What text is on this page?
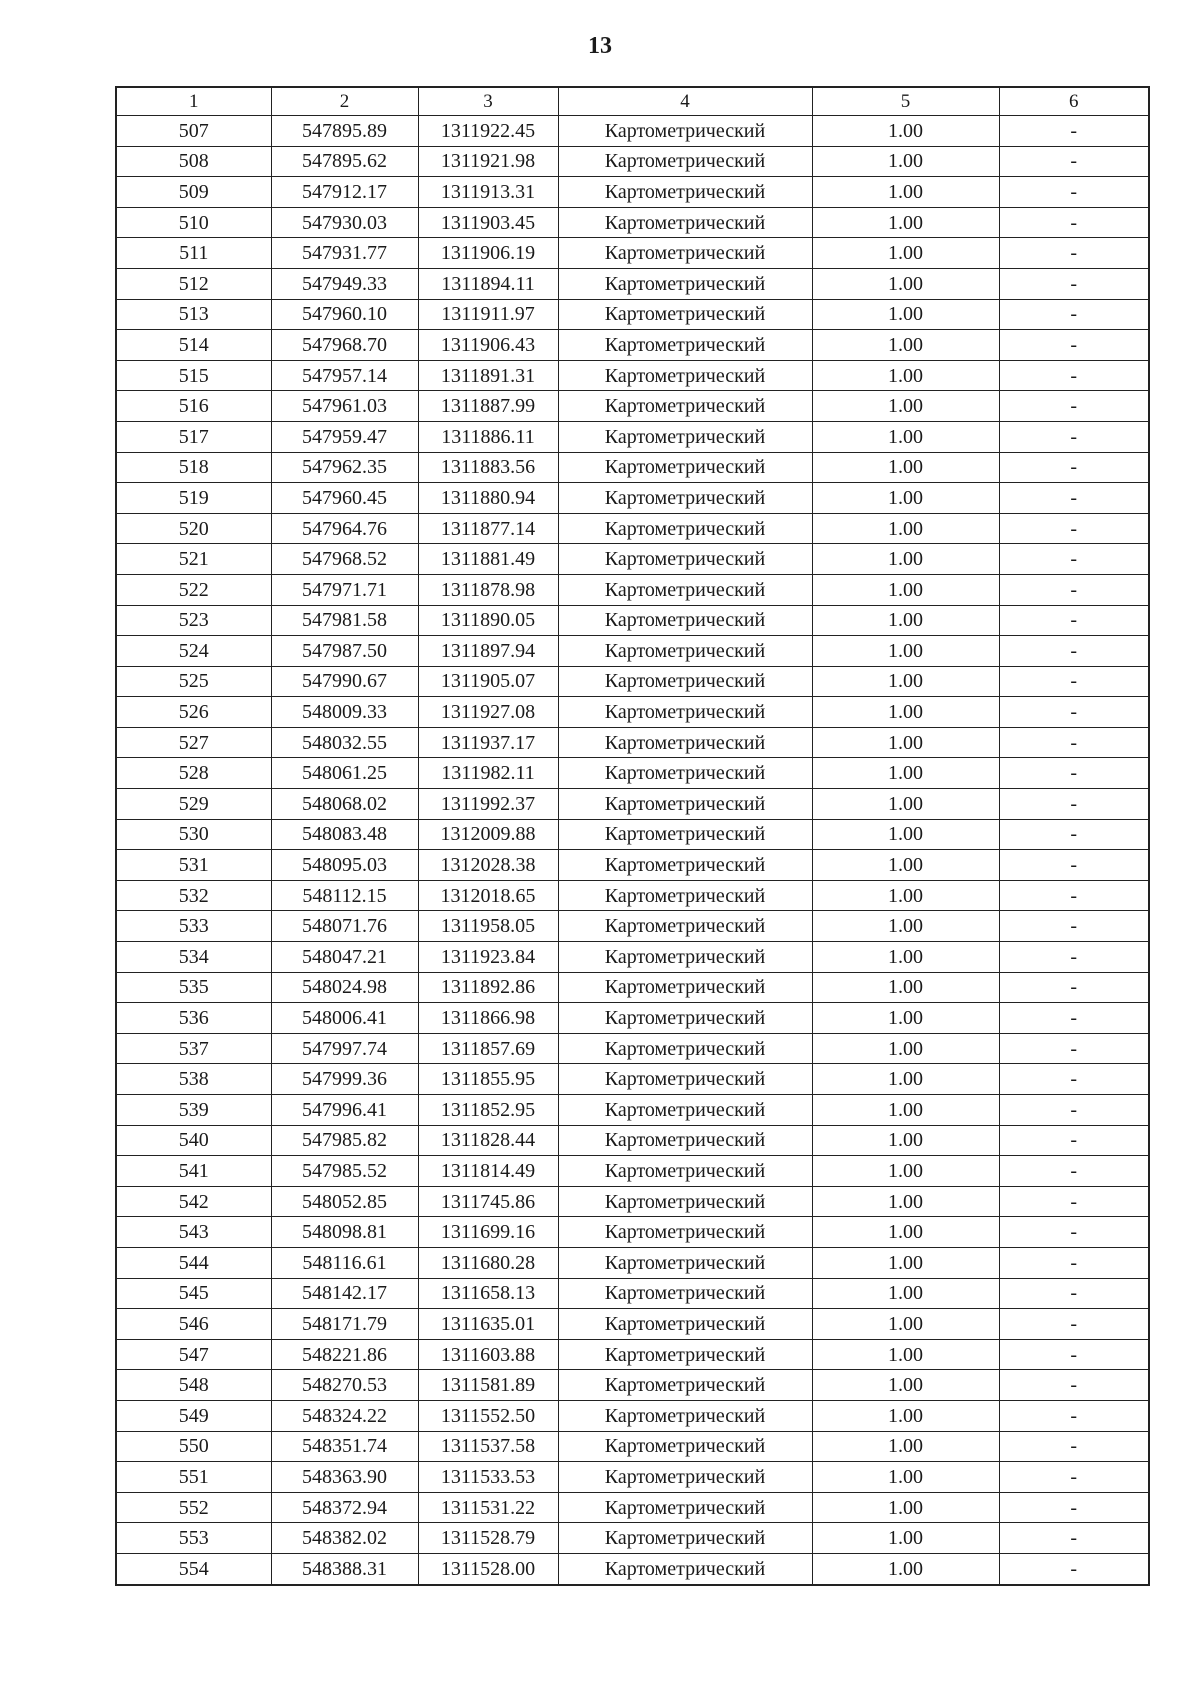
13
1	2	3	4	5	6
507	547895.89	1311922.45	Картометрический	1.00	-
508	547895.62	1311921.98	Картометрический	1.00	-
509	547912.17	1311913.31	Картометрический	1.00	-
510	547930.03	1311903.45	Картометрический	1.00	-
511	547931.77	1311906.19	Картометрический	1.00	-
512	547949.33	1311894.11	Картометрический	1.00	-
513	547960.10	1311911.97	Картометрический	1.00	-
514	547968.70	1311906.43	Картометрический	1.00	-
515	547957.14	1311891.31	Картометрический	1.00	-
516	547961.03	1311887.99	Картометрический	1.00	-
517	547959.47	1311886.11	Картометрический	1.00	-
518	547962.35	1311883.56	Картометрический	1.00	-
519	547960.45	1311880.94	Картометрический	1.00	-
520	547964.76	1311877.14	Картометрический	1.00	-
521	547968.52	1311881.49	Картометрический	1.00	-
522	547971.71	1311878.98	Картометрический	1.00	-
523	547981.58	1311890.05	Картометрический	1.00	-
524	547987.50	1311897.94	Картометрический	1.00	-
525	547990.67	1311905.07	Картометрический	1.00	-
526	548009.33	1311927.08	Картометрический	1.00	-
527	548032.55	1311937.17	Картометрический	1.00	-
528	548061.25	1311982.11	Картометрический	1.00	-
529	548068.02	1311992.37	Картометрический	1.00	-
530	548083.48	1312009.88	Картометрический	1.00	-
531	548095.03	1312028.38	Картометрический	1.00	-
532	548112.15	1312018.65	Картометрический	1.00	-
533	548071.76	1311958.05	Картометрический	1.00	-
534	548047.21	1311923.84	Картометрический	1.00	-
535	548024.98	1311892.86	Картометрический	1.00	-
536	548006.41	1311866.98	Картометрический	1.00	-
537	547997.74	1311857.69	Картометрический	1.00	-
538	547999.36	1311855.95	Картометрический	1.00	-
539	547996.41	1311852.95	Картометрический	1.00	-
540	547985.82	1311828.44	Картометрический	1.00	-
541	547985.52	1311814.49	Картометрический	1.00	-
542	548052.85	1311745.86	Картометрический	1.00	-
543	548098.81	1311699.16	Картометрический	1.00	-
544	548116.61	1311680.28	Картометрический	1.00	-
545	548142.17	1311658.13	Картометрический	1.00	-
546	548171.79	1311635.01	Картометрический	1.00	-
547	548221.86	1311603.88	Картометрический	1.00	-
548	548270.53	1311581.89	Картометрический	1.00	-
549	548324.22	1311552.50	Картометрический	1.00	-
550	548351.74	1311537.58	Картометрический	1.00	-
551	548363.90	1311533.53	Картометрический	1.00	-
552	548372.94	1311531.22	Картометрический	1.00	-
553	548382.02	1311528.79	Картометрический	1.00	-
554	548388.31	1311528.00	Картометрический	1.00	-
